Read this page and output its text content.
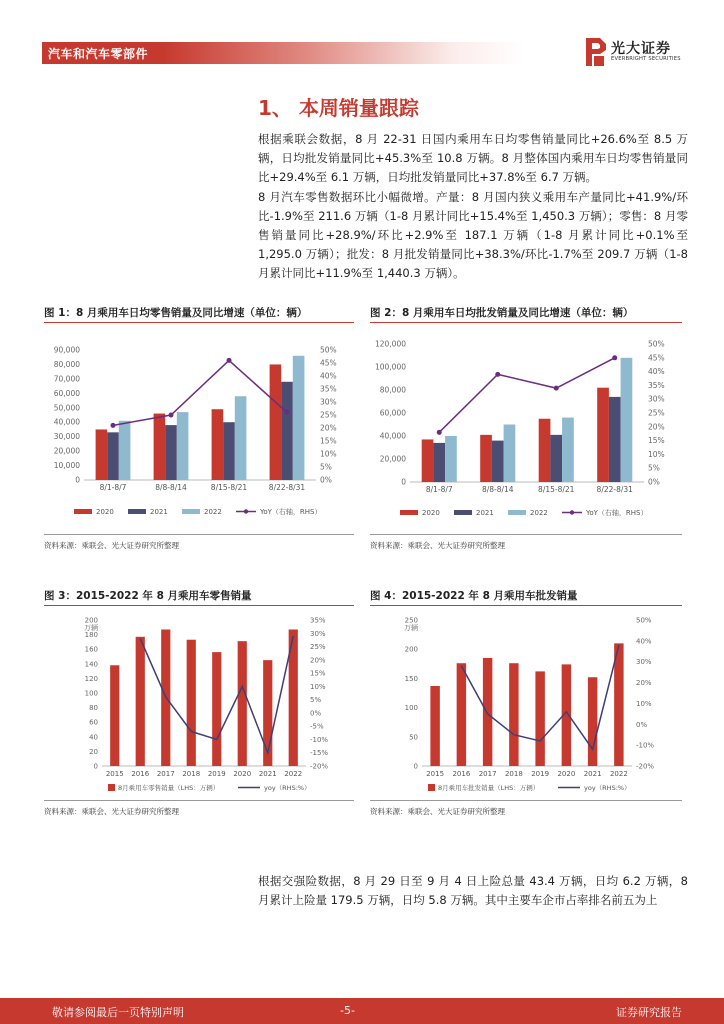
汽车和汽车零部件	光大证券
EVERBRIGHT SECURITIES
1、 本周销量跟踪
根据乘联会数据，8 月 22-31 日国内乘用车日均零售销量同比+26.6%至 8.5 万辆，日均批发销量同比+45.3%至 10.8 万辆。8 月整体国内乘用车日均零售销量同比+29.4%至 6.1 万辆，日均批发销量同比+37.8%至 6.7 万辆。
8 月汽车零售数据环比小幅微增。产量：8 月国内狭义乘用车产量同比+41.9%/环比-1.9%至 211.6 万辆（1-8 月累计同比+15.4%至 1,450.3 万辆）；零售：8 月零售销量同比+28.9%/环比+2.9%至 187.1 万辆（1-8 月累计同比+0.1%至 1,295.0 万辆）；批发：8 月批发销量同比+38.3%/环比-1.7%至 209.7 万辆（1-8 月累计同比+11.9%至 1,440.3 万辆）。
图 1：8 月乘用车日均零售销量及同比增速（单位：辆）	图 2：8 月乘用车日均批发销量及同比增速（单位：辆）
0
10,000
20,000
30,000
40,000
50,000
60,000
70,000
80,000
90,000
0%
5%
10%
15%
20%
25%
30%
35%
40%
45%
50%
8/1-8/7	8/8-8/14	8/15-8/21	8/22-8/31
2020	2021	2022	YoY（右轴，RHS）
资料来源：乘联会、光大证券研究所整理
0
20,000
40,000
60,000
80,000
100,000
120,000
0%
5%
10%
15%
20%
25%
30%
35%
40%
45%
50%
8/1-8/7	8/8-8/14	8/15-8/21	8/22-8/31
2020	2021	2022	YoY（右轴，RHS）
资料来源：乘联会、光大证券研究所整理
图 3：2015-2022 年 8 月乘用车零售销量	图 4：2015-2022 年 8 月乘用车批发销量
0
20
40
60
80
100
120
140
160
180
200
-20%
-15%
-10%
-5%
0%
5%
10%
15%
20%
25%
30%
35%
万辆
2015 2016 2017 2018 2019 2020 2021 2022
8月乘用车零售销量（LHS：万辆）	yoy（RHS:%）
资料来源：乘联会、光大证券研究所整理
0
50
100
150
200
250
-20%
-10%
0%
10%
20%
30%
40%
50%
万辆
2015 2016 2017 2018 2019 2020 2021 2022
8月乘用车批发销量（LHS：万辆）	yoy（RHS:%）
资料来源：乘联会、光大证券研究所整理
根据交强险数据，8 月 29 日至 9 月 4 日上险总量 43.4 万辆，日均 6.2 万辆，8 月累计上险量 179.5 万辆，日均 5.8 万辆。其中主要车企市占率排名前五为上
敬请参阅最后一页特别声明	-5-	证券研究报告
